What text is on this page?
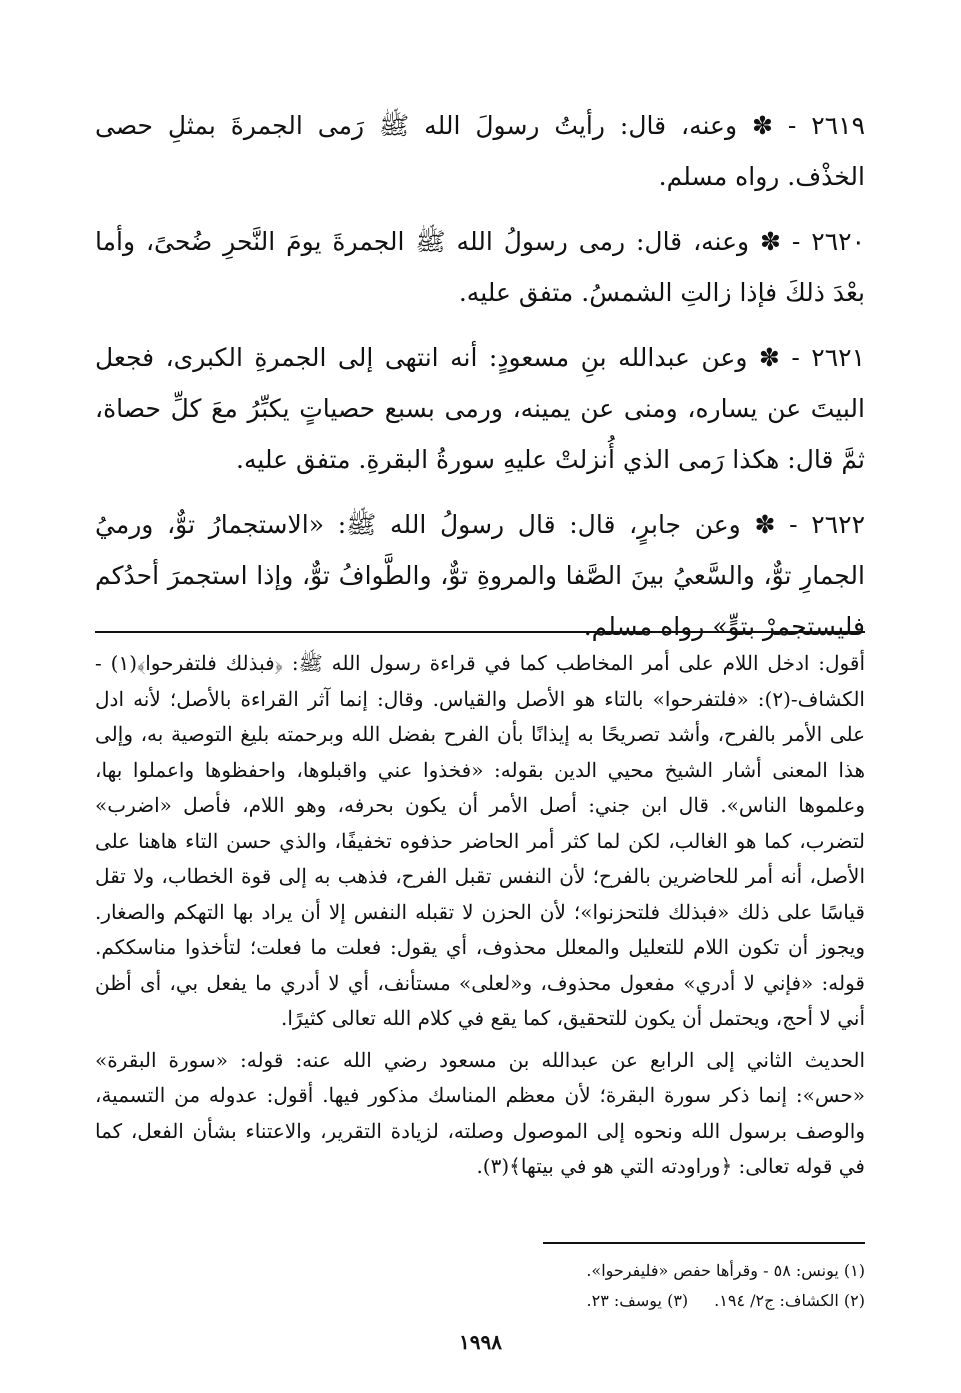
٢٦١٩ - ✽ وعنه، قال: رأيتُ رسولَ الله ﷺ رَمى الجمرةَ بمثلِ حصى الخذْف. رواه مسلم.

٢٦٢٠ - ✽ وعنه، قال: رمى رسولُ الله ﷺ الجمرةَ يومَ النَّحرِ ضُحىً، وأما بعْدَ ذلكَ فإذا زالتِ الشمسُ. متفق عليه.

٢٦٢١ - ✽ وعن عبدالله بنِ مسعودٍ: أنه انتهى إلى الجمرةِ الكبرى، فجعل البيتَ عن يساره، ومنى عن يمينه، ورمى بسبع حصياتٍ يكبِّرُ معَ كلِّ حصاة، ثمَّ قال: هكذا رَمى الذي أُنزلتْ عليهِ سورةُ البقرةِ. متفق عليه.

٢٦٢٢ - ✽ وعن جابرٍ، قال: قال رسولُ الله ﷺ: «الاستجمارُ توٌّ، ورميُ الجمارِ توٌّ، والسَّعيُ بينَ الصَّفا والمروةِ توٌّ، والطَّوافُ توٌّ، وإذا استجمرَ أحدُكم فليستجمرْ بتوٍّ» رواه مسلم.

أقول: ادخل اللام على أمر المخاطب كما في قراءة رسول الله ﷺ: ﴿فبذلك فلتفرحوا﴾(١) - الكشاف-(٢): «فلتفرحوا» بالتاء هو الأصل والقياس. وقال: إنما آثر القراءة بالأصل؛ لأنه ادل على الأمر بالفرح، وأشد تصريحًا به إيذانًا بأن الفرح بفضل الله وبرحمته بليغ التوصية به، وإلى هذا المعنى أشار الشيخ محيي الدين بقوله: «فخذوا عني واقبلوها، واحفظوها واعملوا بها، وعلموها الناس». قال ابن جني: أصل الأمر أن يكون بحرفه، وهو اللام، فأصل «اضرب» لتضرب، كما هو الغالب، لكن لما كثر أمر الحاضر حذفوه تخفيفًا، والذي حسن التاء هاهنا على الأصل، أنه أمر للحاضرين بالفرح؛ لأن النفس تقبل الفرح، فذهب به إلى قوة الخطاب، ولا تقل قياسًا على ذلك «فبذلك فلتحزنوا»؛ لأن الحزن لا تقبله النفس إلا أن يراد بها التهكم والصغار. ويجوز أن تكون اللام للتعليل والمعلل محذوف، أي يقول: فعلت ما فعلت؛ لتأخذوا مناسككم. قوله: «فإني لا أدري» مفعول محذوف، و«لعلى» مستأنف، أي لا أدري ما يفعل بي، أى أظن أني لا أحج، ويحتمل أن يكون للتحقيق، كما يقع في كلام الله تعالى كثيرًا.

الحديث الثاني إلى الرابع عن عبدالله بن مسعود رضي الله عنه: قوله: «سورة البقرة» «حس»: إنما ذكر سورة البقرة؛ لأن معظم المناسك مذكور فيها. أقول: عدوله من التسمية، والوصف برسول الله ونحوه إلى الموصول وصلته، لزيادة التقرير، والاعتناء بشأن الفعل، كما في قوله تعالى: ﴿وراودته التي هو في بيتها﴾(٣).

(١) يونس: ٥٨ - وقرأها حفص «فليفرحوا».
(٢) الكشاف: ج٢/ ١٩٤.(٣) يوسف: ٢٣.
١٩٩٨
